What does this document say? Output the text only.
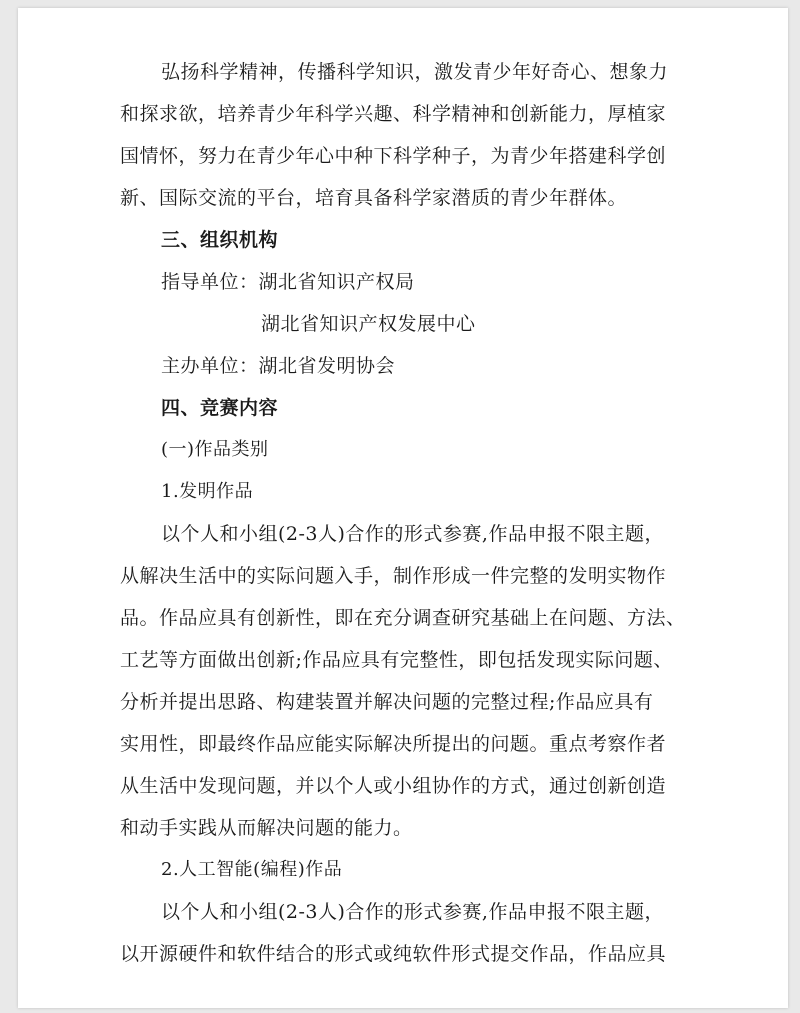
弘扬科学精神，传播科学知识，激发青少年好奇心、想象力
和探求欲，培养青少年科学兴趣、科学精神和创新能力，厚植家
国情怀，努力在青少年心中种下科学种子，为青少年搭建科学创
新、国际交流的平台，培育具备科学家潜质的青少年群体。
三、组织机构
指导单位：湖北省知识产权局
湖北省知识产权发展中心
主办单位：湖北省发明协会
四、竞赛内容
(一)作品类别
1.发明作品
以个人和小组(2-3人)合作的形式参赛,作品申报不限主题，
从解决生活中的实际问题入手，制作形成一件完整的发明实物作
品。作品应具有创新性，即在充分调查研究基础上在问题、方法、
工艺等方面做出创新;作品应具有完整性，即包括发现实际问题、
分析并提出思路、构建装置并解决问题的完整过程;作品应具有
实用性，即最终作品应能实际解决所提出的问题。重点考察作者
从生活中发现问题，并以个人或小组协作的方式，通过创新创造
和动手实践从而解决问题的能力。
2.人工智能(编程)作品
以个人和小组(2-3人)合作的形式参赛,作品申报不限主题，
以开源硬件和软件结合的形式或纯软件形式提交作品，作品应具
